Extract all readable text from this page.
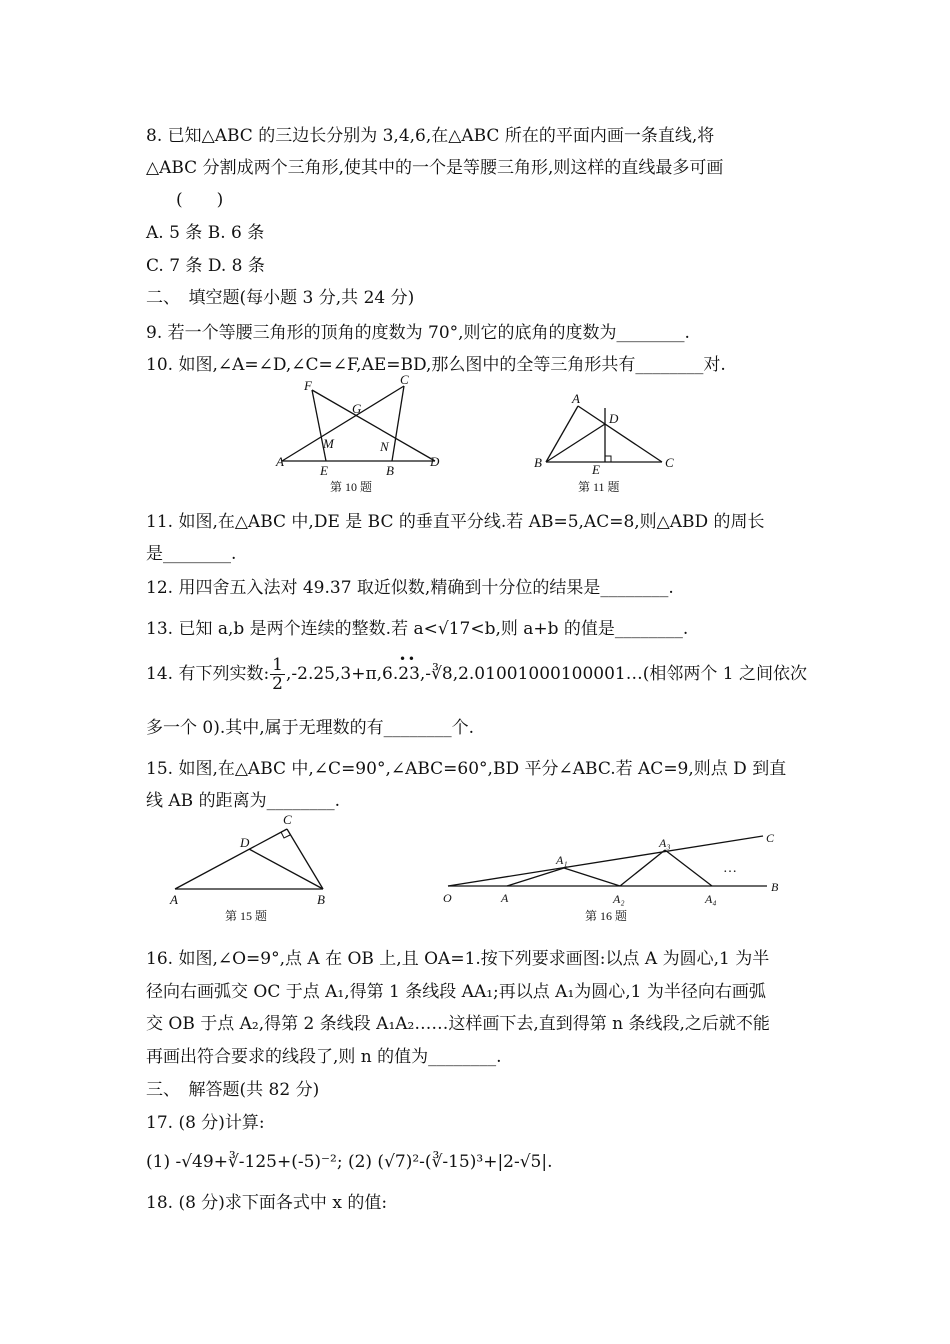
8. 已知△ABC 的三边长分别为 3,4,6,在△ABC 所在的平面内画一条直线,将
△ABC 分割成两个三角形,使其中的一个是等腰三角形,则这样的直线最多可画
(　　)
A. 5 条 B. 6 条
C. 7 条 D. 8 条
二、　填空题(每小题 3 分,共 24 分)
9. 若一个等腰三角形的顶角的度数为 70°,则它的底角的度数为________.
10. 如图,∠A=∠D,∠C=∠F,AE=BD,那么图中的全等三角形共有________对.
F	C
G
M	N
A
E	B
D
第 10 题
A
D
B	E	C
第 11 题
11. 如图,在△ABC 中,DE 是 BC 的垂直平分线.若 AB=5,AC=8,则△ABD 的周长
是________.
12. 用四舍五入法对 49.37 取近似数,精确到十分位的结果是________.
13. 已知 a,b 是两个连续的整数.若 a<√17<b,则 a+b 的值是________.
14. 有下列实数: $\frac{1}{2}$ ,-2.25,3+π,6.23,-∛8,2.01001000100001…(相邻两个 1 之间依次
• •
多一个 0).其中,属于无理数的有________个.
15. 如图,在△ABC 中,∠C=90°,∠ABC=60°,BD 平分∠ABC.若 AC=9,则点 D 到直
线 AB 的距离为________.
C
D
A	B
第 15 题
O	A
A₁
A₂
A₃
A₄
B
C
…
第 16 题
16. 如图,∠O=9°,点 A 在 OB 上,且 OA=1.按下列要求画图:以点 A 为圆心,1 为半
径向右画弧交 OC 于点 A₁,得第 1 条线段 AA₁;再以点 A₁为圆心,1 为半径向右画弧
交 OB 于点 A₂,得第 2 条线段 A₁A₂……这样画下去,直到得第 n 条线段,之后就不能
再画出符合要求的线段了,则 n 的值为________.
三、　解答题(共 82 分)
17. (8 分)计算:
(1) -√49+∛-125+(-5)⁻²; (2) (√7)²-(∛-15)³+|2-√5|.
18. (8 分)求下面各式中 x 的值:
